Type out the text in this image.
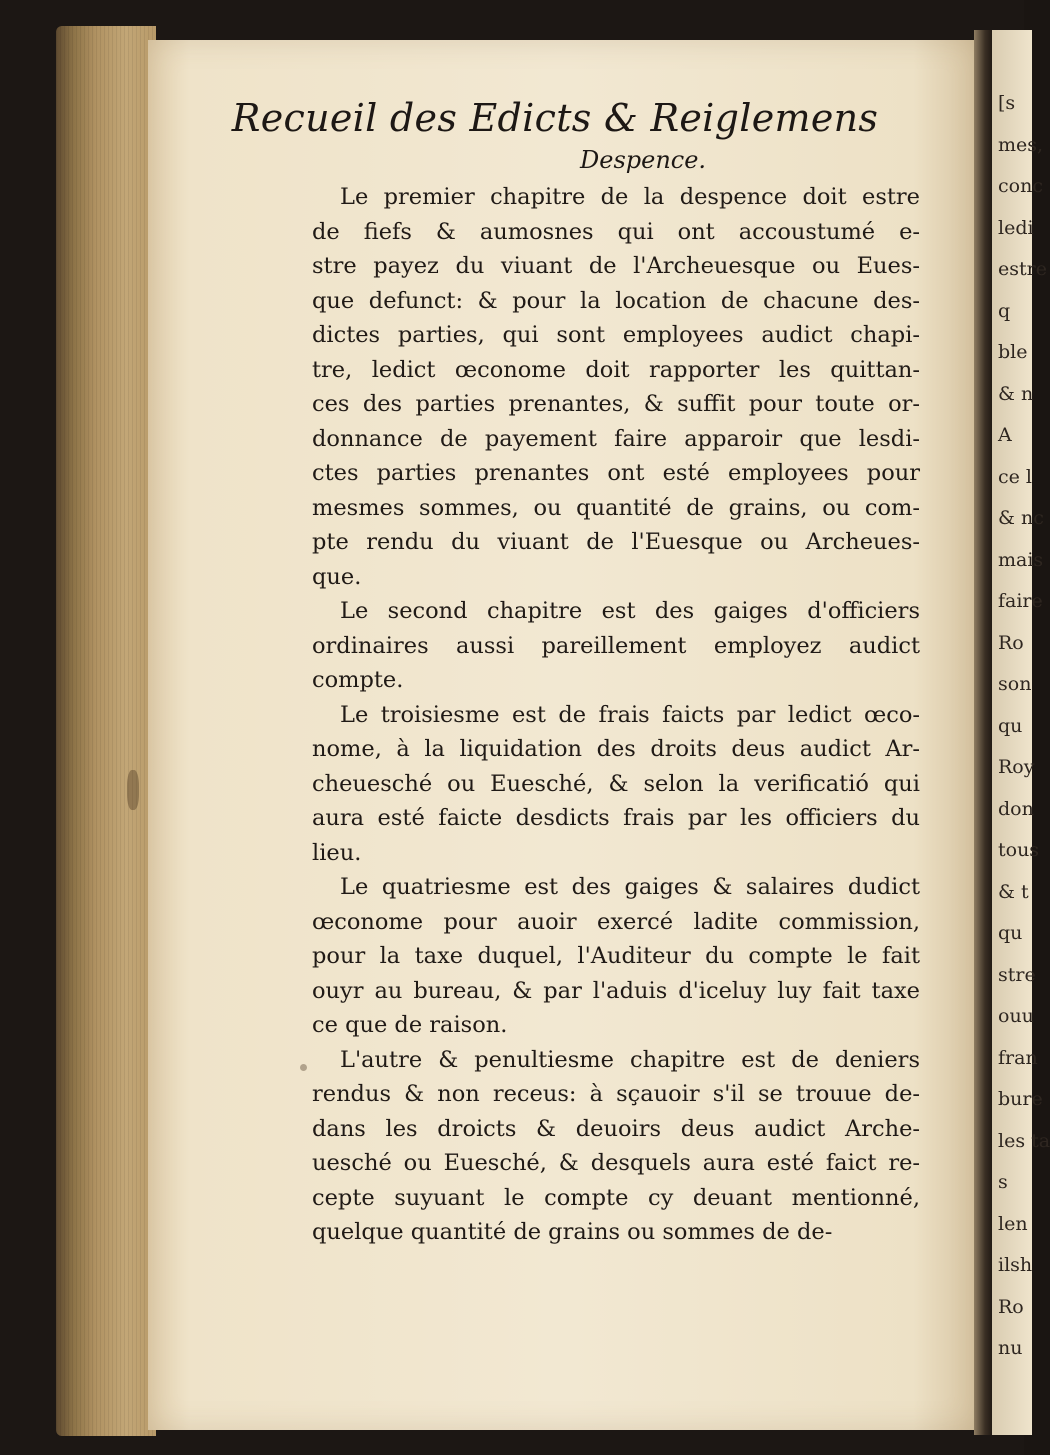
[s
mes,
conc
ledi
estre
q
ble
& n
A
ce l
& nc
mais
faire
Ro
son
qu
Roy
don
tous
& t
qu
stre
ouu
fran
bure
les ta
s
len
ilsh
Ro
nu
Recueil des Edicts & Reiglemens
Despence.
Le premier chapitre de la despence doit estre
de fiefs & aumosnes qui ont accoustumé e-
stre payez du viuant de l'Archeuesque ou Eues-
que defunct: & pour la location de chacune des-
dictes parties, qui sont employees audict chapi-
tre, ledict œconome doit rapporter les quittan-
ces des parties prenantes, & suffit pour toute or-
donnance de payement faire apparoir que lesdi-
ctes parties prenantes ont esté employees pour
mesmes sommes, ou quantité de grains, ou com-
pte rendu du viuant de l'Euesque ou Archeues-
que.
Le second chapitre est des gaiges d'officiers
ordinaires aussi pareillement employez audict
compte.
Le troisiesme est de frais faicts par ledict œco-
nome, à la liquidation des droits deus audict Ar-
cheuesché ou Euesché, & selon la verificatió qui
aura esté faicte desdicts frais par les officiers du
lieu.
Le quatriesme est des gaiges & salaires dudict
œconome pour auoir exercé ladite commission,
pour la taxe duquel, l'Auditeur du compte le fait
ouyr au bureau, & par l'aduis d'iceluy luy fait taxe
ce que de raison.
L'autre & penultiesme chapitre est de deniers
rendus & non receus: à sçauoir s'il se trouue de-
dans les droicts & deuoirs deus audict Arche-
uesché ou Euesché, & desquels aura esté faict re-
cepte suyuant le compte cy deuant mentionné,
quelque quantité de grains ou sommes de de-
